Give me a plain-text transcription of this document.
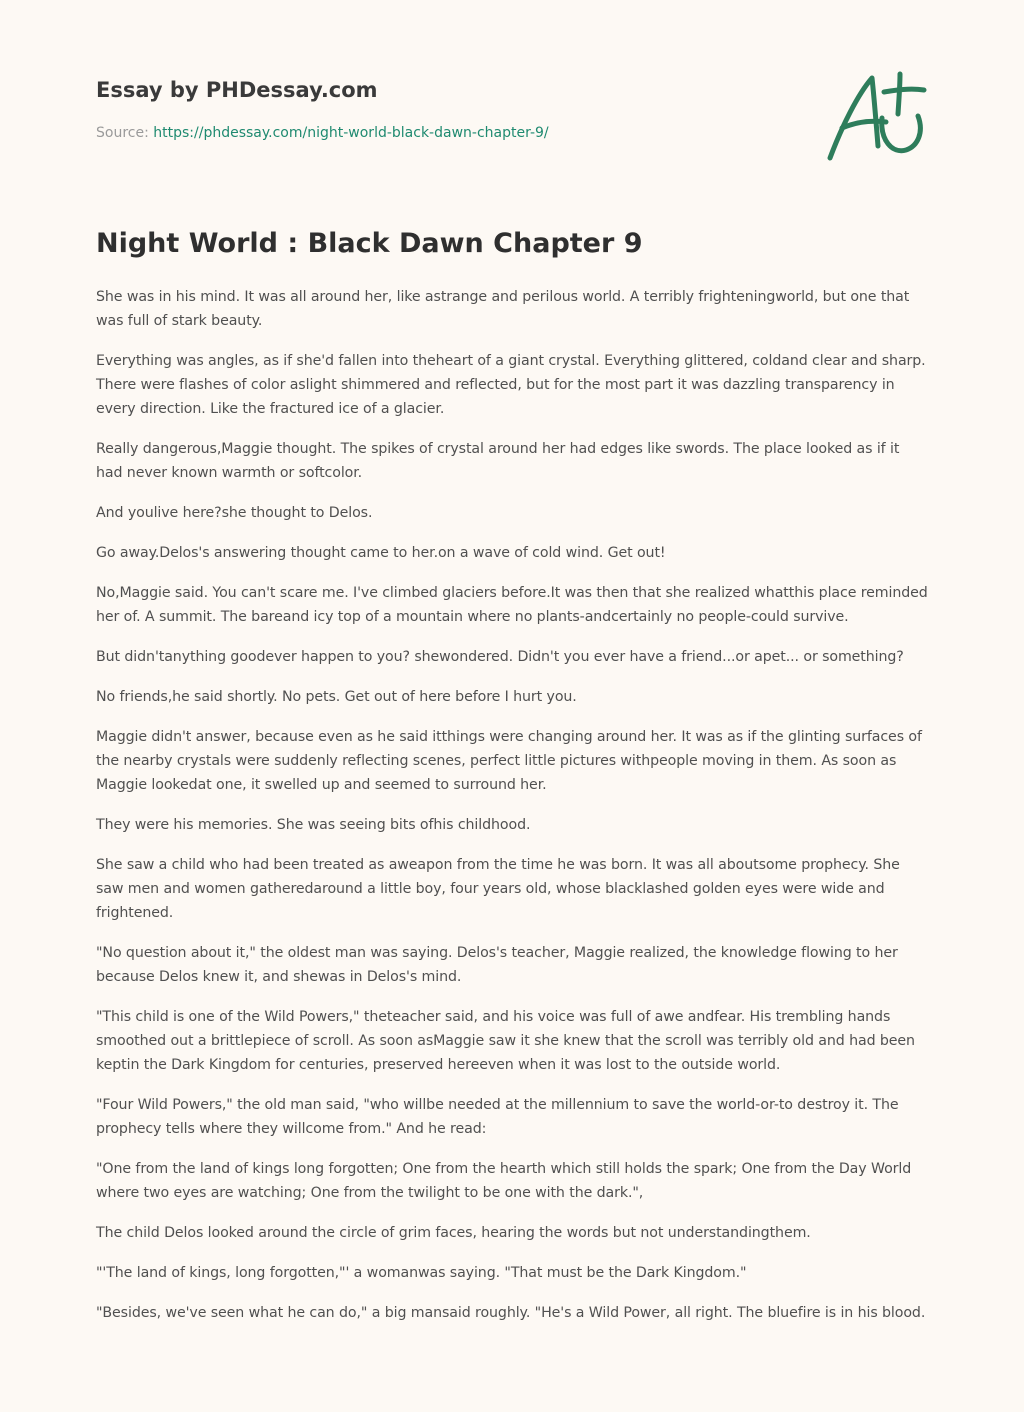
Essay by PHDessay.com
Source: https://phdessay.com/night-world-black-dawn-chapter-9/
Night World : Black Dawn Chapter 9

She was in his mind. It was all around her, like astrange and perilous world. A terribly frighteningworld, but one that was full of stark beauty.

Everything was angles, as if she'd fallen into theheart of a giant crystal. Everything glittered, coldand clear and sharp. There were flashes of color aslight shimmered and reflected, but for the most part it was dazzling transparency in every direction. Like the fractured ice of a glacier.

Really dangerous,Maggie thought. The spikes of crystal around her had edges like swords. The place looked as if it had never known warmth or softcolor.

And youlive here?she thought to Delos.

Go away.Delos's answering thought came to her.on a wave of cold wind. Get out!

No,Maggie said. You can't scare me. I've climbed glaciers before.It was then that she realized whatthis place reminded her of. A summit. The bareand icy top of a mountain where no plants-andcertainly no people-could survive.

But didn'tanything goodever happen to you? shewondered. Didn't you ever have a friend...or apet... or something?

No friends,he said shortly. No pets. Get out of here before I hurt you.

Maggie didn't answer, because even as he said itthings were changing around her. It was as if the glinting surfaces of the nearby crystals were suddenly reflecting scenes, perfect little pictures withpeople moving in them. As soon as Maggie lookedat one, it swelled up and seemed to surround her.

They were his memories. She was seeing bits ofhis childhood.

She saw a child who had been treated as aweapon from the time he was born. It was all aboutsome prophecy. She saw men and women gatheredaround a little boy, four years old, whose blacklashed golden eyes were wide and frightened.

"No question about it," the oldest man was saying. Delos's teacher, Maggie realized, the knowledge flowing to her because Delos knew it, and shewas in Delos's mind.

"This child is one of the Wild Powers," theteacher said, and his voice was full of awe andfear. His trembling hands smoothed out a brittlepiece of scroll. As soon asMaggie saw it she knew that the scroll was terribly old and had been keptin the Dark Kingdom for centuries, preserved hereeven when it was lost to the outside world.

"Four Wild Powers," the old man said, "who willbe needed at the millennium to save the world-or-to destroy it. The prophecy tells where they willcome from." And he read:

"One from the land of kings long forgotten; One from the hearth which still holds the spark; One from the Day World where two eyes are watching; One from the twilight to be one with the dark.",

The child Delos looked around the circle of grim faces, hearing the words but not understandingthem.

"'The land of kings, long forgotten,"' a womanwas saying. "That must be the Dark Kingdom."

"Besides, we've seen what he can do," a big mansaid roughly. "He's a Wild Power, all right. The bluefire is in his blood.
